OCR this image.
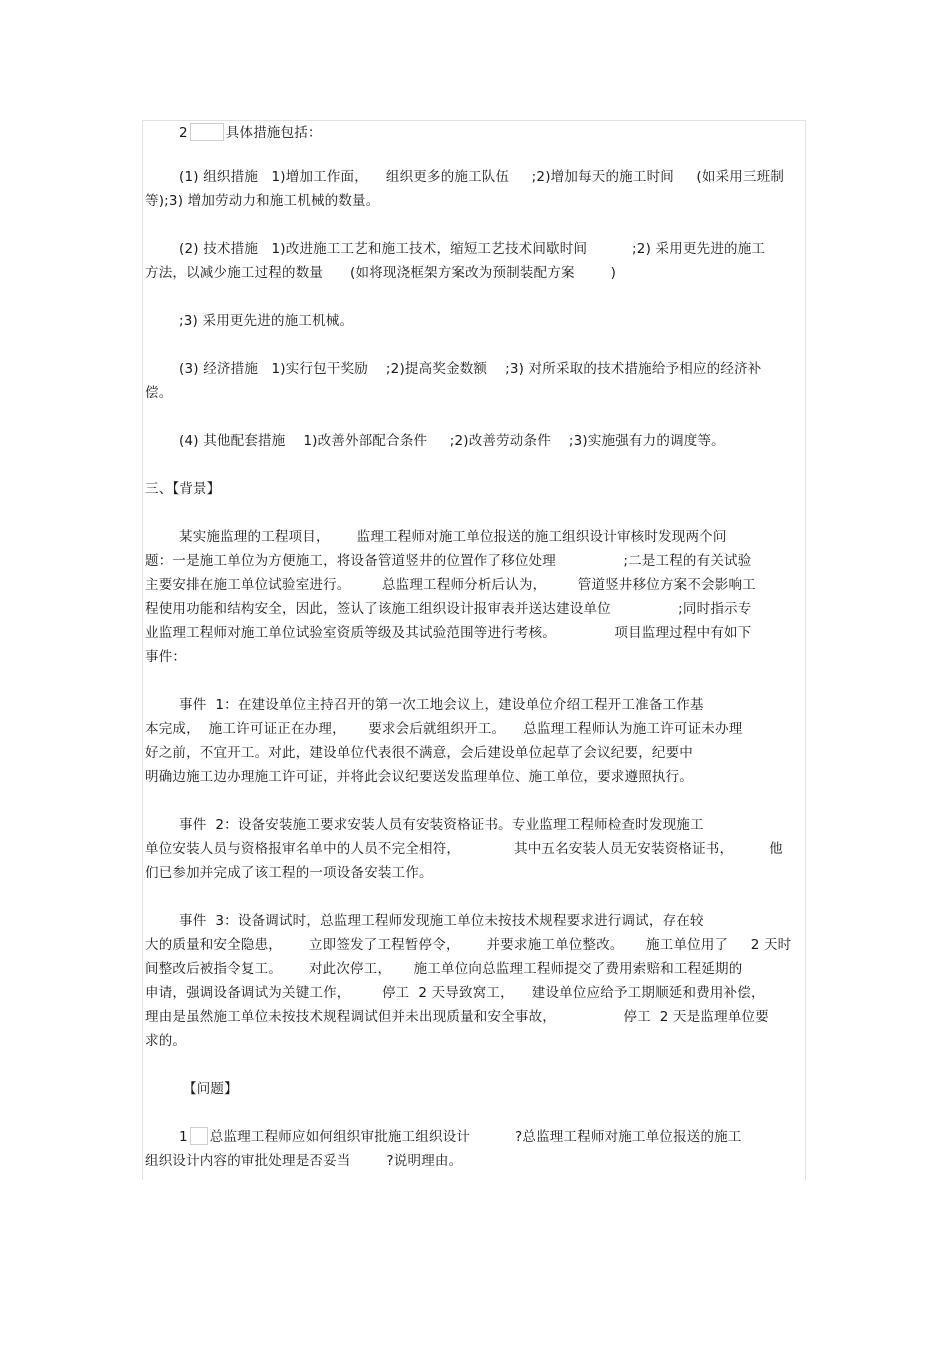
2	具体措施包括：
(1) 组织措施   1)增加工作面，    组织更多的施工队伍     ;2)增加每天的施工时间     (如采用三班制
等);3) 增加劳动力和施工机械的数量。
(2) 技术措施   1)改进施工工艺和施工技术，缩短工艺技术间歇时间          ;2) 采用更先进的施工
方法，以减少施工过程的数量      (如将现浇框架方案改为预制装配方案        )
;3) 采用更先进的施工机械。
(3) 经济措施   1)实行包干奖励    ;2)提高奖金数额    ;3) 对所采取的技术措施给予相应的经济补
偿。
(4) 其他配套措施    1)改善外部配合条件     ;2)改善劳动条件    ;3)实施强有力的调度等。
三、【背景】
某实施监理的工程项目，      监理工程师对施工单位报送的施工组织设计审核时发现两个问
题：一是施工单位为方便施工，将设备管道竖井的位置作了移位处理               ;二是工程的有关试验
主要安排在施工单位试验室进行。       总监理工程师分析后认为，       管道竖井移位方案不会影响工
程使用功能和结构安全，因此，签认了该施工组织设计报审表并送达建设单位               ;同时指示专
业监理工程师对施工单位试验室资质等级及其试验范围等进行考核。             项目监理过程中有如下
事件：
事件  1：在建设单位主持召开的第一次工地会议上，建设单位介绍工程开工准备工作基
本完成，  施工许可证正在办理，     要求会后就组织开工。    总监理工程师认为施工许可证未办理
好之前，不宜开工。对此，建设单位代表很不满意，会后建设单位起草了会议纪要，纪要中
明确边施工边办理施工许可证，并将此会议纪要送发监理单位、施工单位，要求遵照执行。
事件  2：设备安装施工要求安装人员有安装资格证书。专业监理工程师检查时发现施工
单位安装人员与资格报审名单中的人员不完全相符，            其中五名安装人员无安装资格证书，        他
们已参加并完成了该工程的一项设备安装工作。
事件  3：设备调试时，总监理工程师发现施工单位未按技术规程要求进行调试，存在较
大的质量和安全隐患，      立即签发了工程暂停令，      并要求施工单位整改。     施工单位用了     2 天时
间整改后被指令复工。      对此次停工，     施工单位向总监理工程师提交了费用索赔和工程延期的
申请，强调设备调试为关键工作，       停工  2 天导致窝工，    建设单位应给予工期顺延和费用补偿，
理由是虽然施工单位未按技术规程调试但并未出现质量和安全事故，               停工  2 天是监理单位要
求的。
【问题】
1 总监理工程师应如何组织审批施工组织设计          ?总监理工程师对施工单位报送的施工
组织设计内容的审批处理是否妥当        ?说明理由。
